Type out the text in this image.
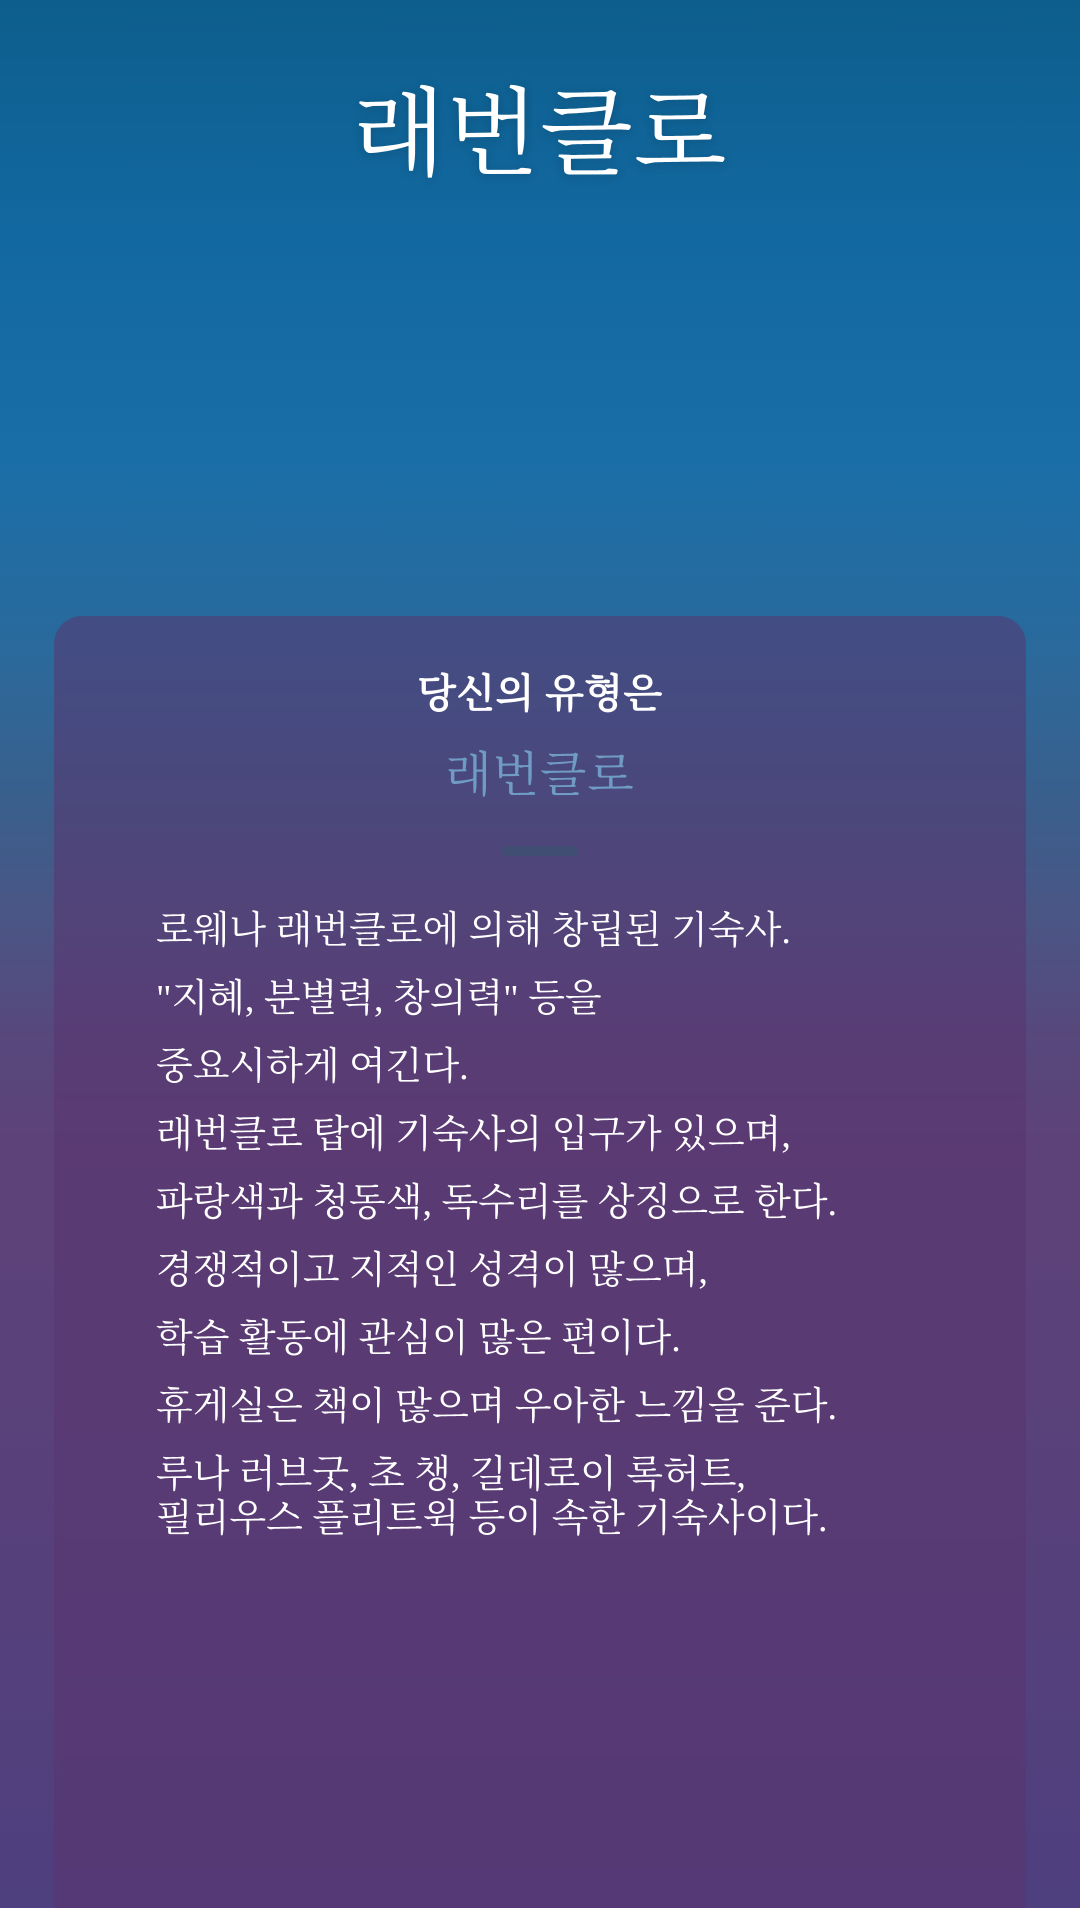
래번클로
당신의 유형은
래번클로
로웨나 래번클로에 의해 창립된 기숙사.
"지혜, 분별력, 창의력" 등을
중요시하게 여긴다.
래번클로 탑에 기숙사의 입구가 있으며,
파랑색과 청동색, 독수리를 상징으로 한다.
경쟁적이고 지적인 성격이 많으며,
학습 활동에 관심이 많은 편이다.
휴게실은 책이 많으며 우아한 느낌을 준다.
루나 러브굿, 초 챙, 길데로이 록허트,
필리우스 플리트윅 등이 속한 기숙사이다.
